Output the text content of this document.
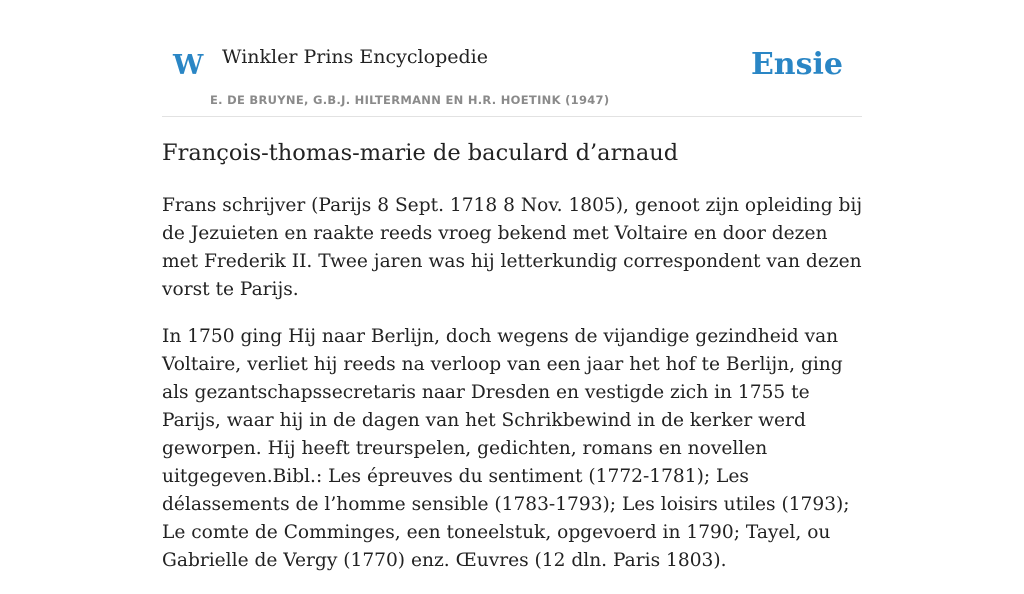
W Winkler Prins Encyclopedie
E. DE BRUYNE, G.B.J. HILTERMANN EN H.R. HOETINK (1947)
Ensie
François-thomas-marie de baculard d’arnaud

Frans schrijver (Parijs 8 Sept. 1718 8 Nov. 1805), genoot zijn opleiding bij de Jezuieten en raakte reeds vroeg bekend met Voltaire en door dezen met Frederik II. Twee jaren was hij letterkundig correspondent van dezen vorst te Parijs.

In 1750 ging Hij naar Berlijn, doch wegens de vijandige gezindheid van Voltaire, verliet hij reeds na verloop van een jaar het hof te Berlijn, ging als gezantschapssecretaris naar Dresden en vestigde zich in 1755 te Parijs, waar hij in de dagen van het Schrikbewind in de kerker werd geworpen. Hij heeft treurspelen, gedichten, romans en novellen uitgegeven.Bibl.: Les épreuves du sentiment (1772-1781); Les délassements de l’homme sensible (1783-1793); Les loisirs utiles (1793); Le comte de Comminges, een toneelstuk, opgevoerd in 1790; Tayel, ou Gabrielle de Vergy (1770) enz. Œuvres (12 dln. Paris 1803).
